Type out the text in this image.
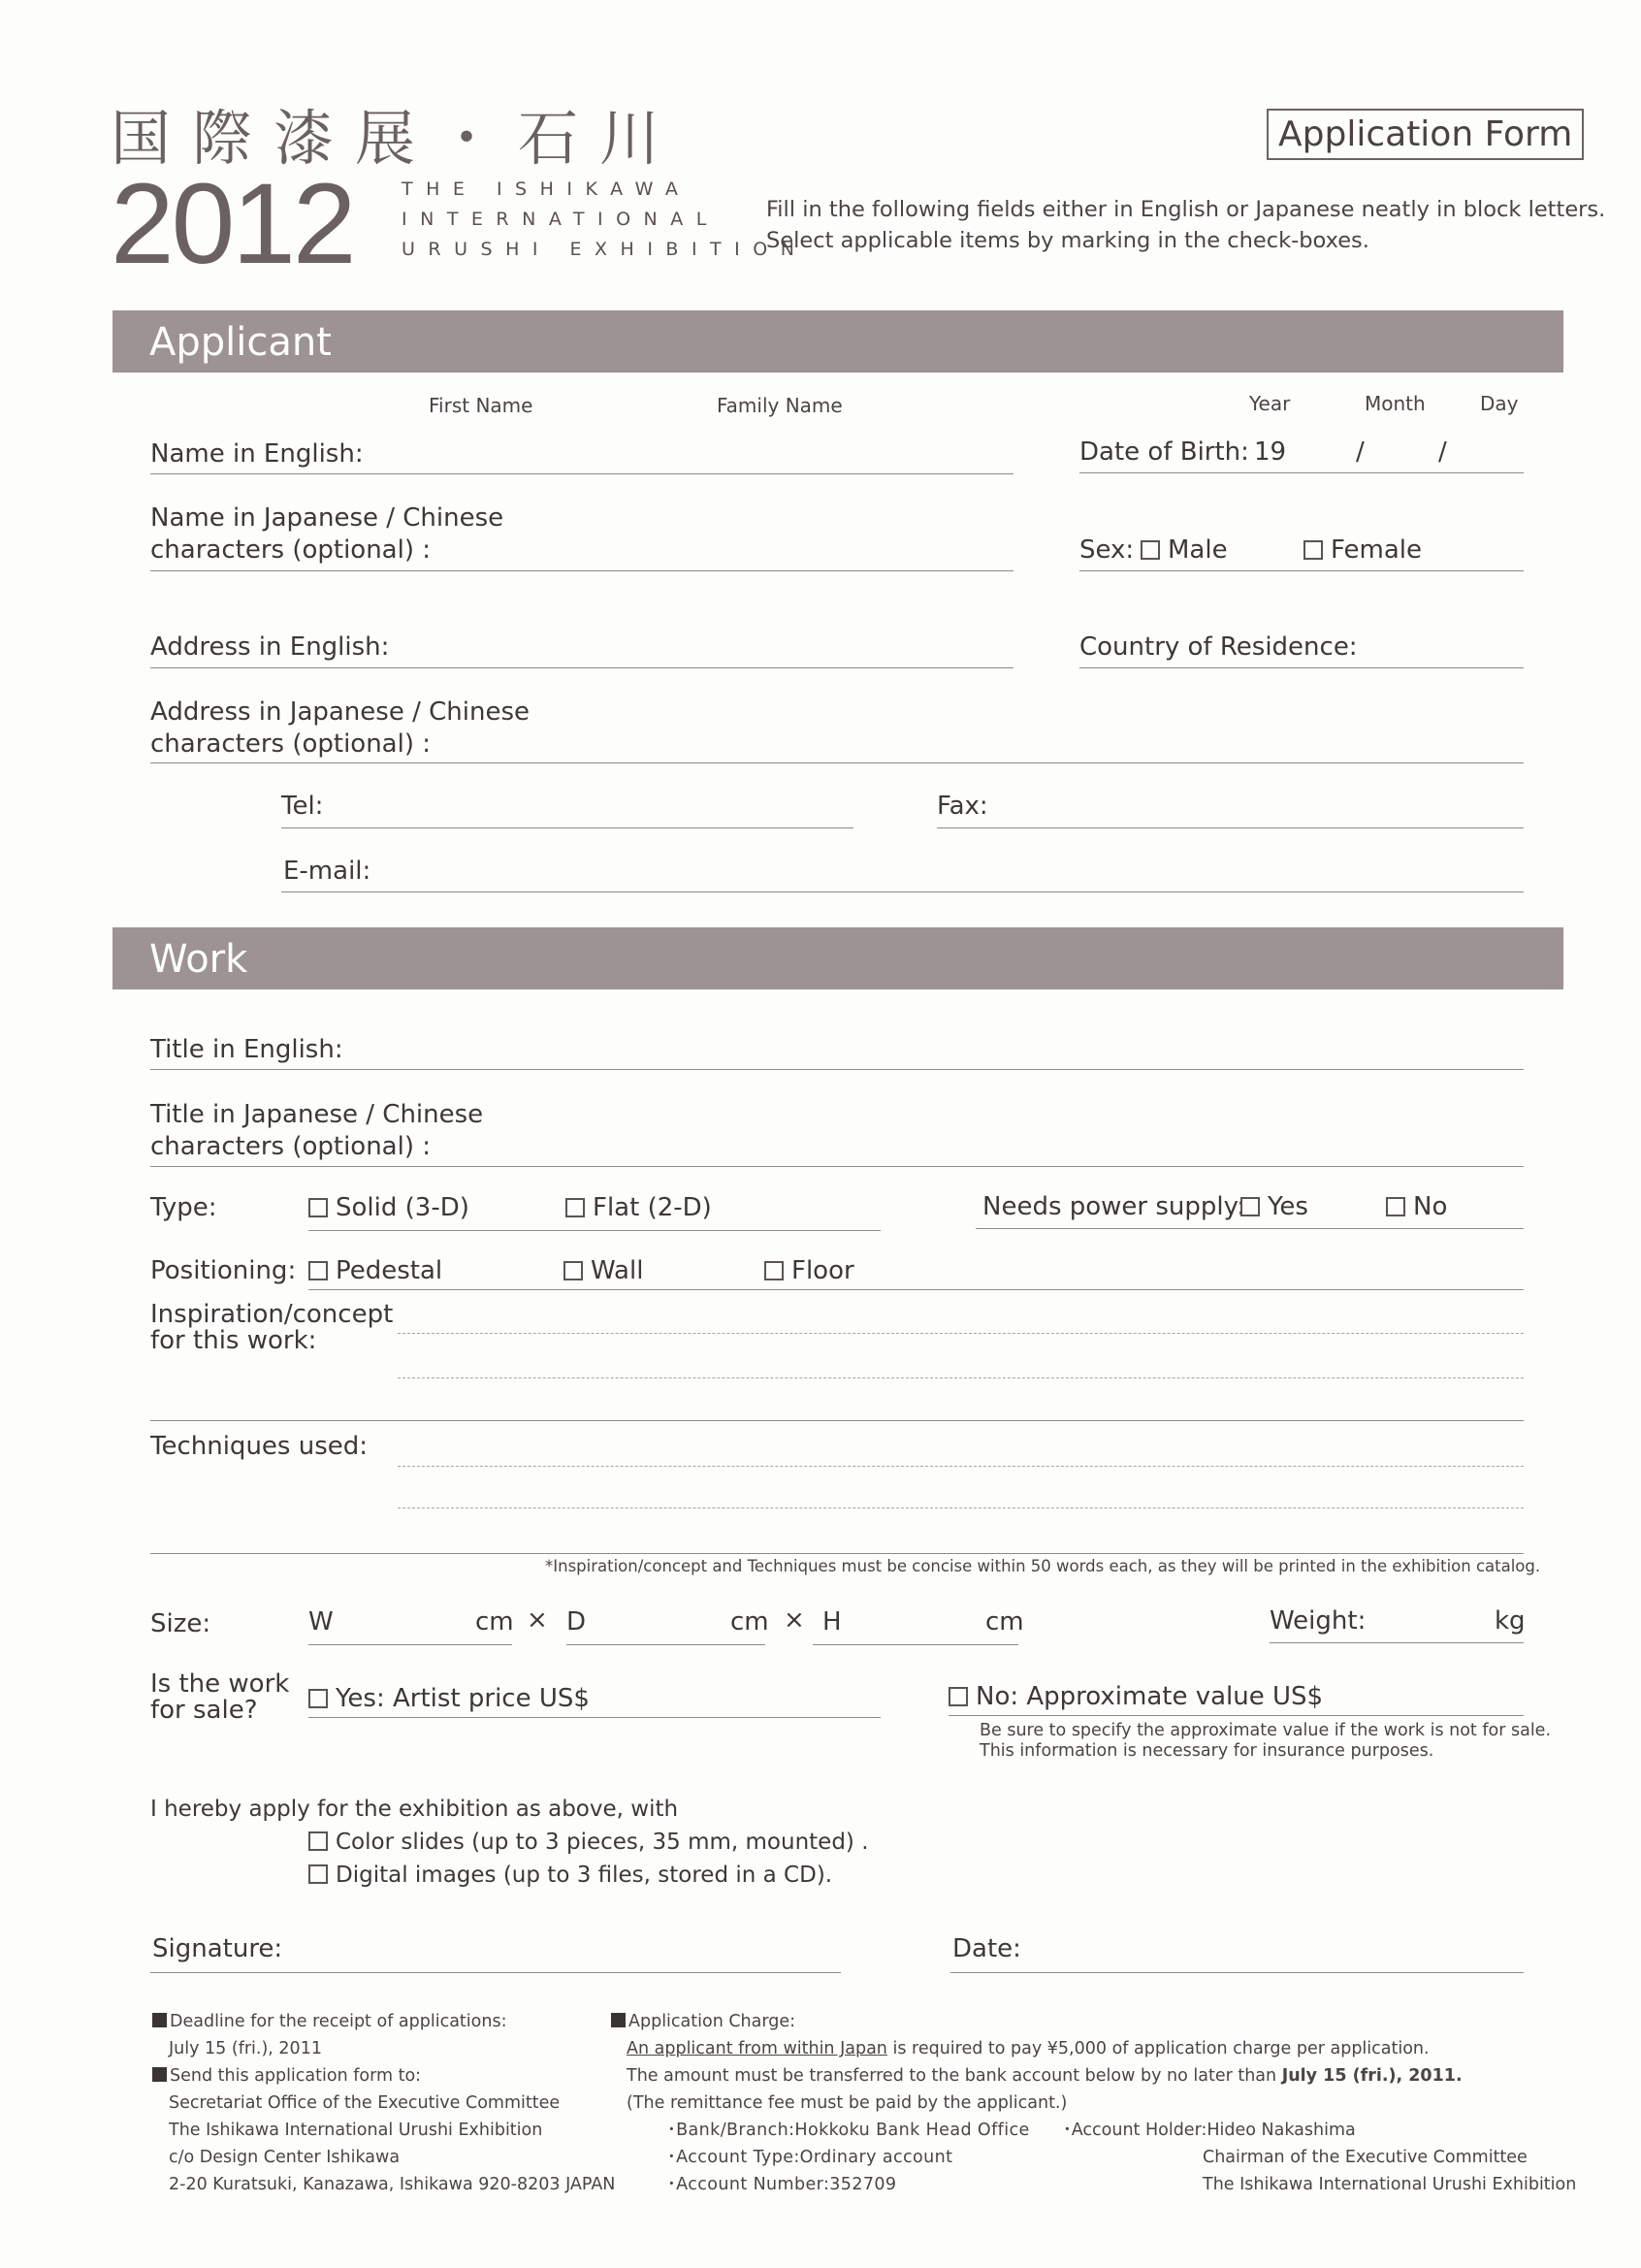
国際漆展・石川
2012	THE ISHIKAWA
INTERNATIONAL
URUSHI EXHIBITION
Application Form
Fill in the following fields either in English or Japanese neatly in block letters.
Select applicable items by marking in the check-boxes.
Applicant
First Name	Family Name	Year	Month	Day
Name in English:	Date of Birth: 19	/	/
Name in Japanese / Chinese
characters (optional) :	Sex:	Male	Female
Address in English:	Country of Residence:
Address in Japanese / Chinese
characters (optional) :
Tel:	Fax:
E-mail:
Work
Title in English:
Title in Japanese / Chinese
characters (optional) :
Type:	Solid (3-D)	Flat (2-D)	Needs power supply: Yes	No
Positioning:	Pedestal	Wall	Floor
Inspiration/concept
for this work:
Techniques used:
*Inspiration/concept and Techniques must be concise within 50 words each, as they will be printed in the exhibition catalog.
Size:	W	cm × D	cm × H	cm	Weight:	kg
Is the work
for sale?	Yes: Artist price US$	No: Approximate value US$
Be sure to specify the approximate value if the work is not for sale.
This information is necessary for insurance purposes.
I hereby apply for the exhibition as above, with
Color slides (up to 3 pieces, 35 mm, mounted) .
Digital images (up to 3 files, stored in a CD).
Signature:	Date:
Deadline for the receipt of applications:
July 15 (fri.), 2011
Send this application form to:
Secretariat Office of the Executive Committee
The Ishikawa International Urushi Exhibition
c/o Design Center Ishikawa
2-20 Kuratsuki, Kanazawa, Ishikawa 920-8203 JAPAN
Application Charge:
An applicant from within Japan is required to pay ¥5,000 of application charge per application.
The amount must be transferred to the bank account below by no later than July 15 (fri.), 2011.
(The remittance fee must be paid by the applicant.)
･Bank/Branch:Hokkoku Bank Head Office
･Account Type:Ordinary account
･Account Number:352709
･Account Holder:Hideo Nakashima
Chairman of the Executive Committee
The Ishikawa International Urushi Exhibition
